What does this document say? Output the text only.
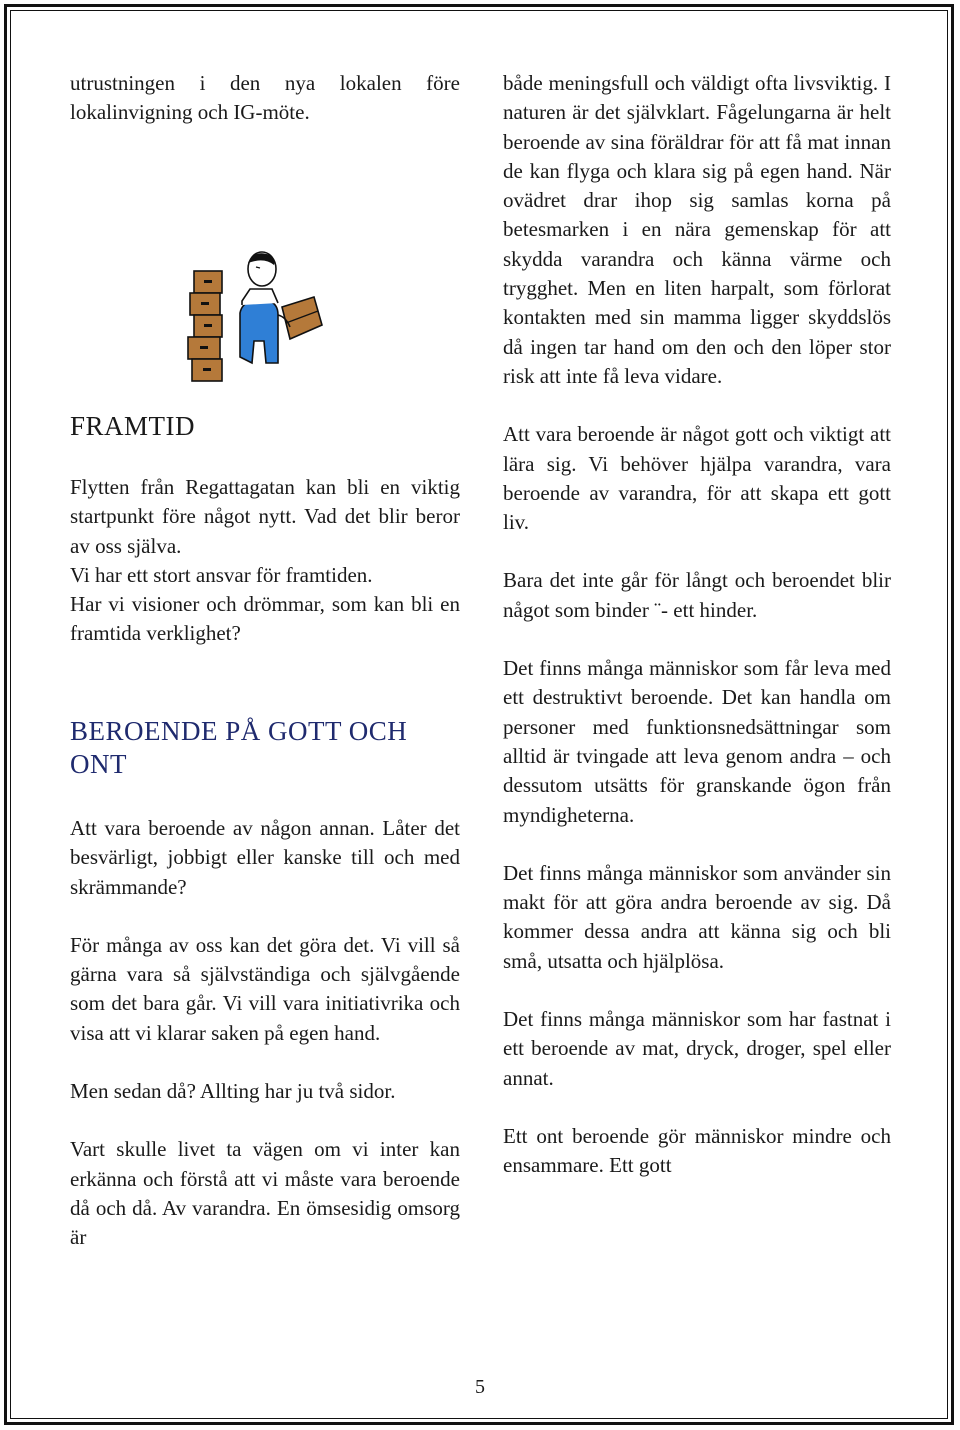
utrustningen i den nya lokalen före lokalinvigning och IG-möte.

FRAMTID

Flytten från Regattagatan kan bli en viktig startpunkt före något nytt. Vad det blir beror av oss själva.

Vi har ett stort ansvar för framtiden.

Har vi visioner och drömmar, som kan bli en framtida verklighet?

BEROENDE PÅ GOTT OCH ONT

Att vara beroende av någon annan. Låter det besvärligt, jobbigt eller kanske till och med skrämmande?

För många av oss kan det göra det. Vi vill så gärna vara så självständiga och självgående som det bara går. Vi vill vara initiativrika och visa att vi klarar saken på egen hand.

Men sedan då? Allting har ju två sidor.

Vart skulle livet ta vägen om vi inter kan erkänna och förstå att vi måste vara beroende då och då. Av varandra. En ömsesidig omsorg är

både meningsfull och väldigt ofta livsviktig. I naturen är det självklart. Fågelungarna är helt beroende av sina föräldrar för att få mat innan de kan flyga och klara sig på egen hand. När ovädret drar ihop sig samlas korna på betesmarken i en nära gemenskap för att skydda varandra och känna värme och trygghet. Men en liten harpalt, som förlorat kontakten med sin mamma ligger skyddslös då ingen tar hand om den och den löper stor risk att inte få leva vidare.

Att vara beroende är något gott och viktigt att lära sig. Vi behöver hjälpa varandra, vara beroende av varandra, för att skapa ett gott liv.

Bara det inte går för långt och beroendet blir något som binder ¨- ett hinder.

Det finns många människor som får leva med ett destruktivt beroende. Det kan handla om personer med funktionsnedsättningar som alltid är tvingade att leva genom andra – och dessutom utsätts för granskande ögon från myndigheterna.

Det finns många människor som använder sin makt för att göra andra beroende av sig. Då kommer dessa andra att känna sig och bli små, utsatta och hjälplösa.

Det finns många människor som har fastnat i ett beroende av mat, dryck, droger, spel eller annat.

Ett ont beroende gör människor mindre och ensammare. Ett gott

5
